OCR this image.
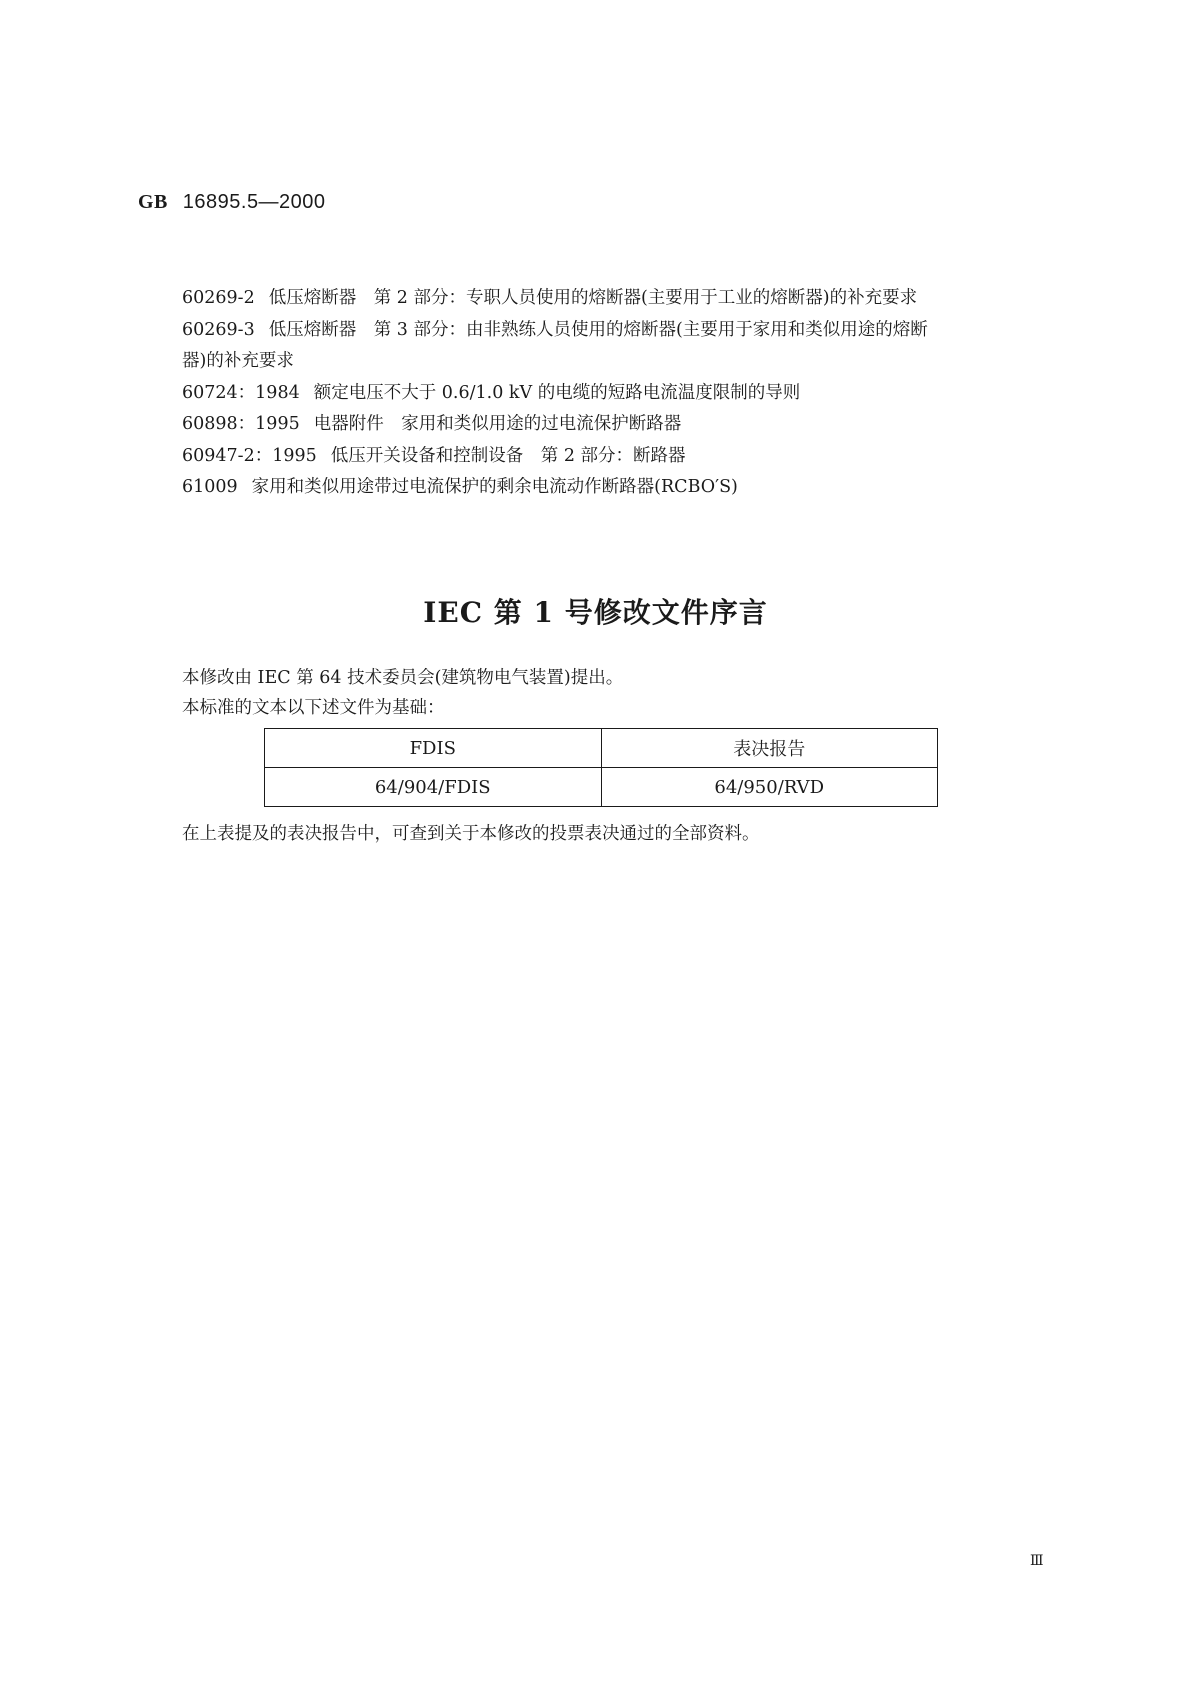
GB 16895.5—2000
60269-2 低压熔断器　第 2 部分：专职人员使用的熔断器(主要用于工业的熔断器)的补充要求
60269-3 低压熔断器　第 3 部分：由非熟练人员使用的熔断器(主要用于家用和类似用途的熔断
器)的补充要求
60724：1984 额定电压不大于 0.6/1.0 kV 的电缆的短路电流温度限制的导则
60898：1995 电器附件　家用和类似用途的过电流保护断路器
60947-2：1995 低压开关设备和控制设备　第 2 部分：断路器
61009 家用和类似用途带过电流保护的剩余电流动作断路器(RCBO′S)
IEC 第 1 号修改文件序言
本修改由 IEC 第 64 技术委员会(建筑物电气装置)提出。
本标准的文本以下述文件为基础：
FDIS	表决报告
64/904/FDIS	64/950/RVD
在上表提及的表决报告中，可查到关于本修改的投票表决通过的全部资料。
Ⅲ
